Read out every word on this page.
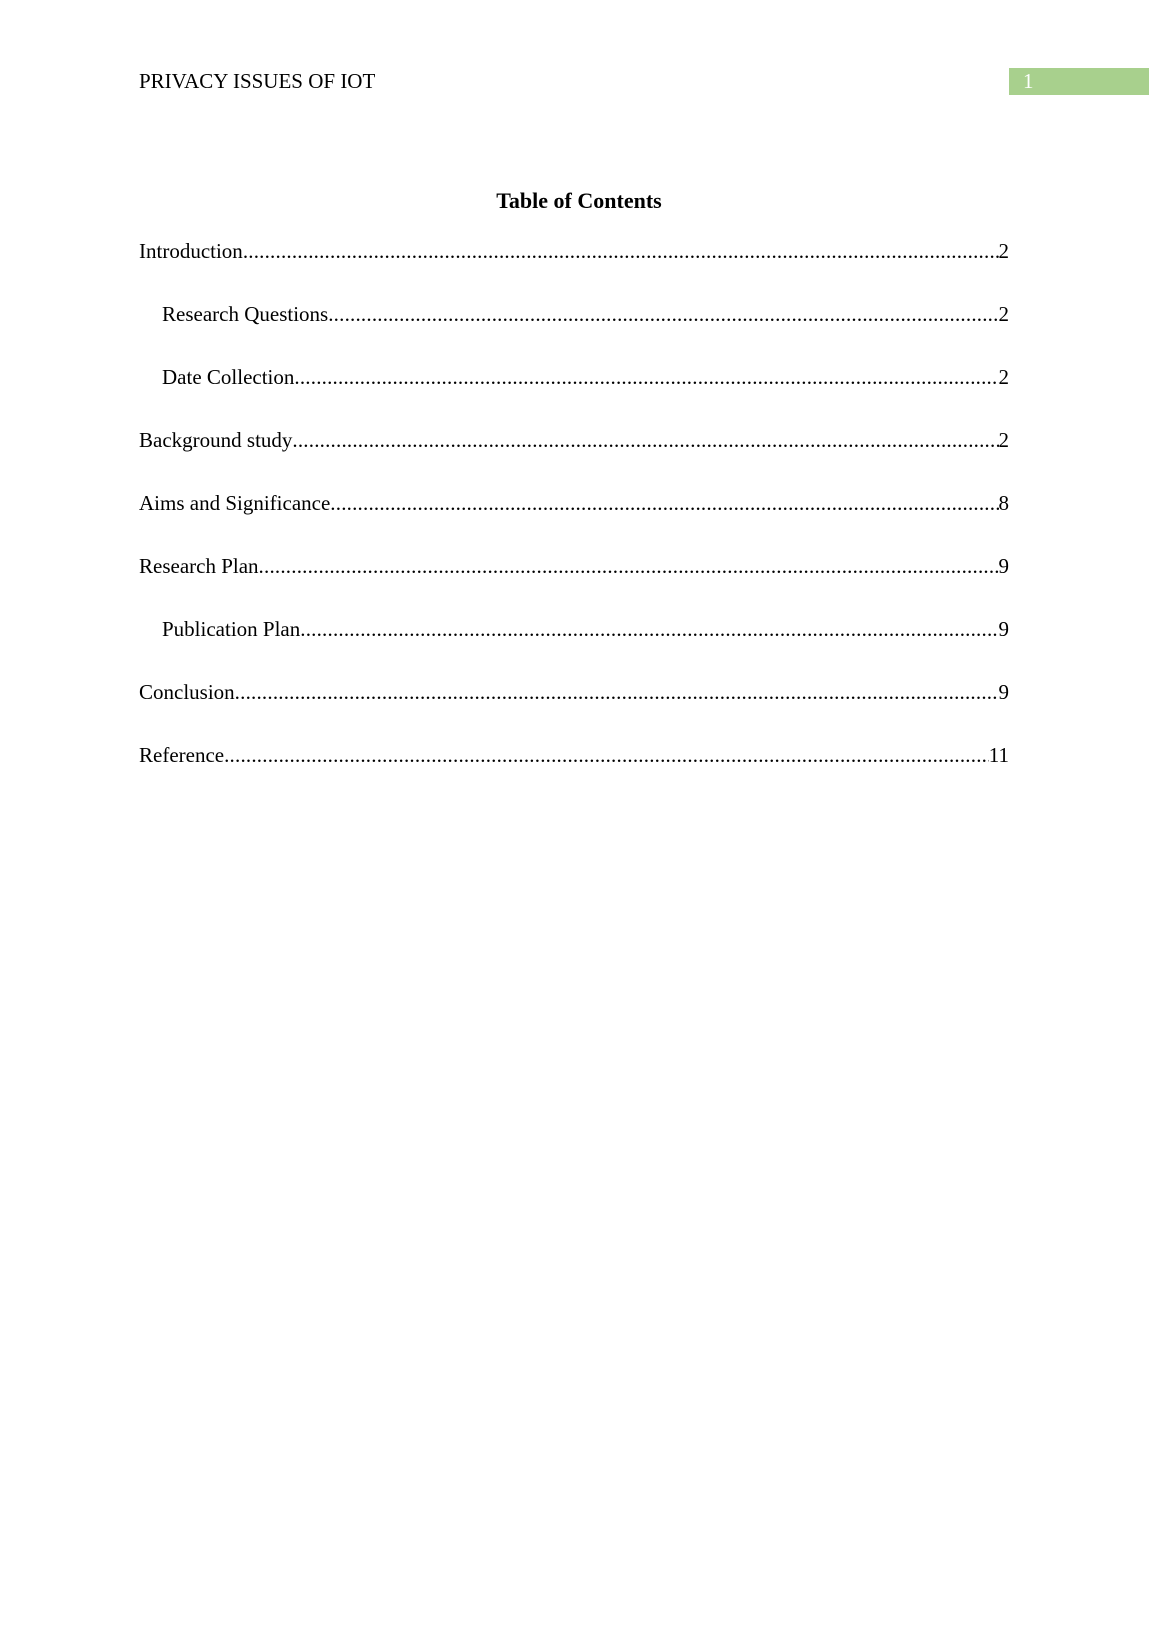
PRIVACY ISSUES OF IOT	1
Table of Contents
Introduction .....	2
Research Questions .....	2
Date Collection .....	2
Background study .....	2
Aims and Significance .....	8
Research Plan .....	9
Publication Plan .....	9
Conclusion .....	9
Reference .....	11
